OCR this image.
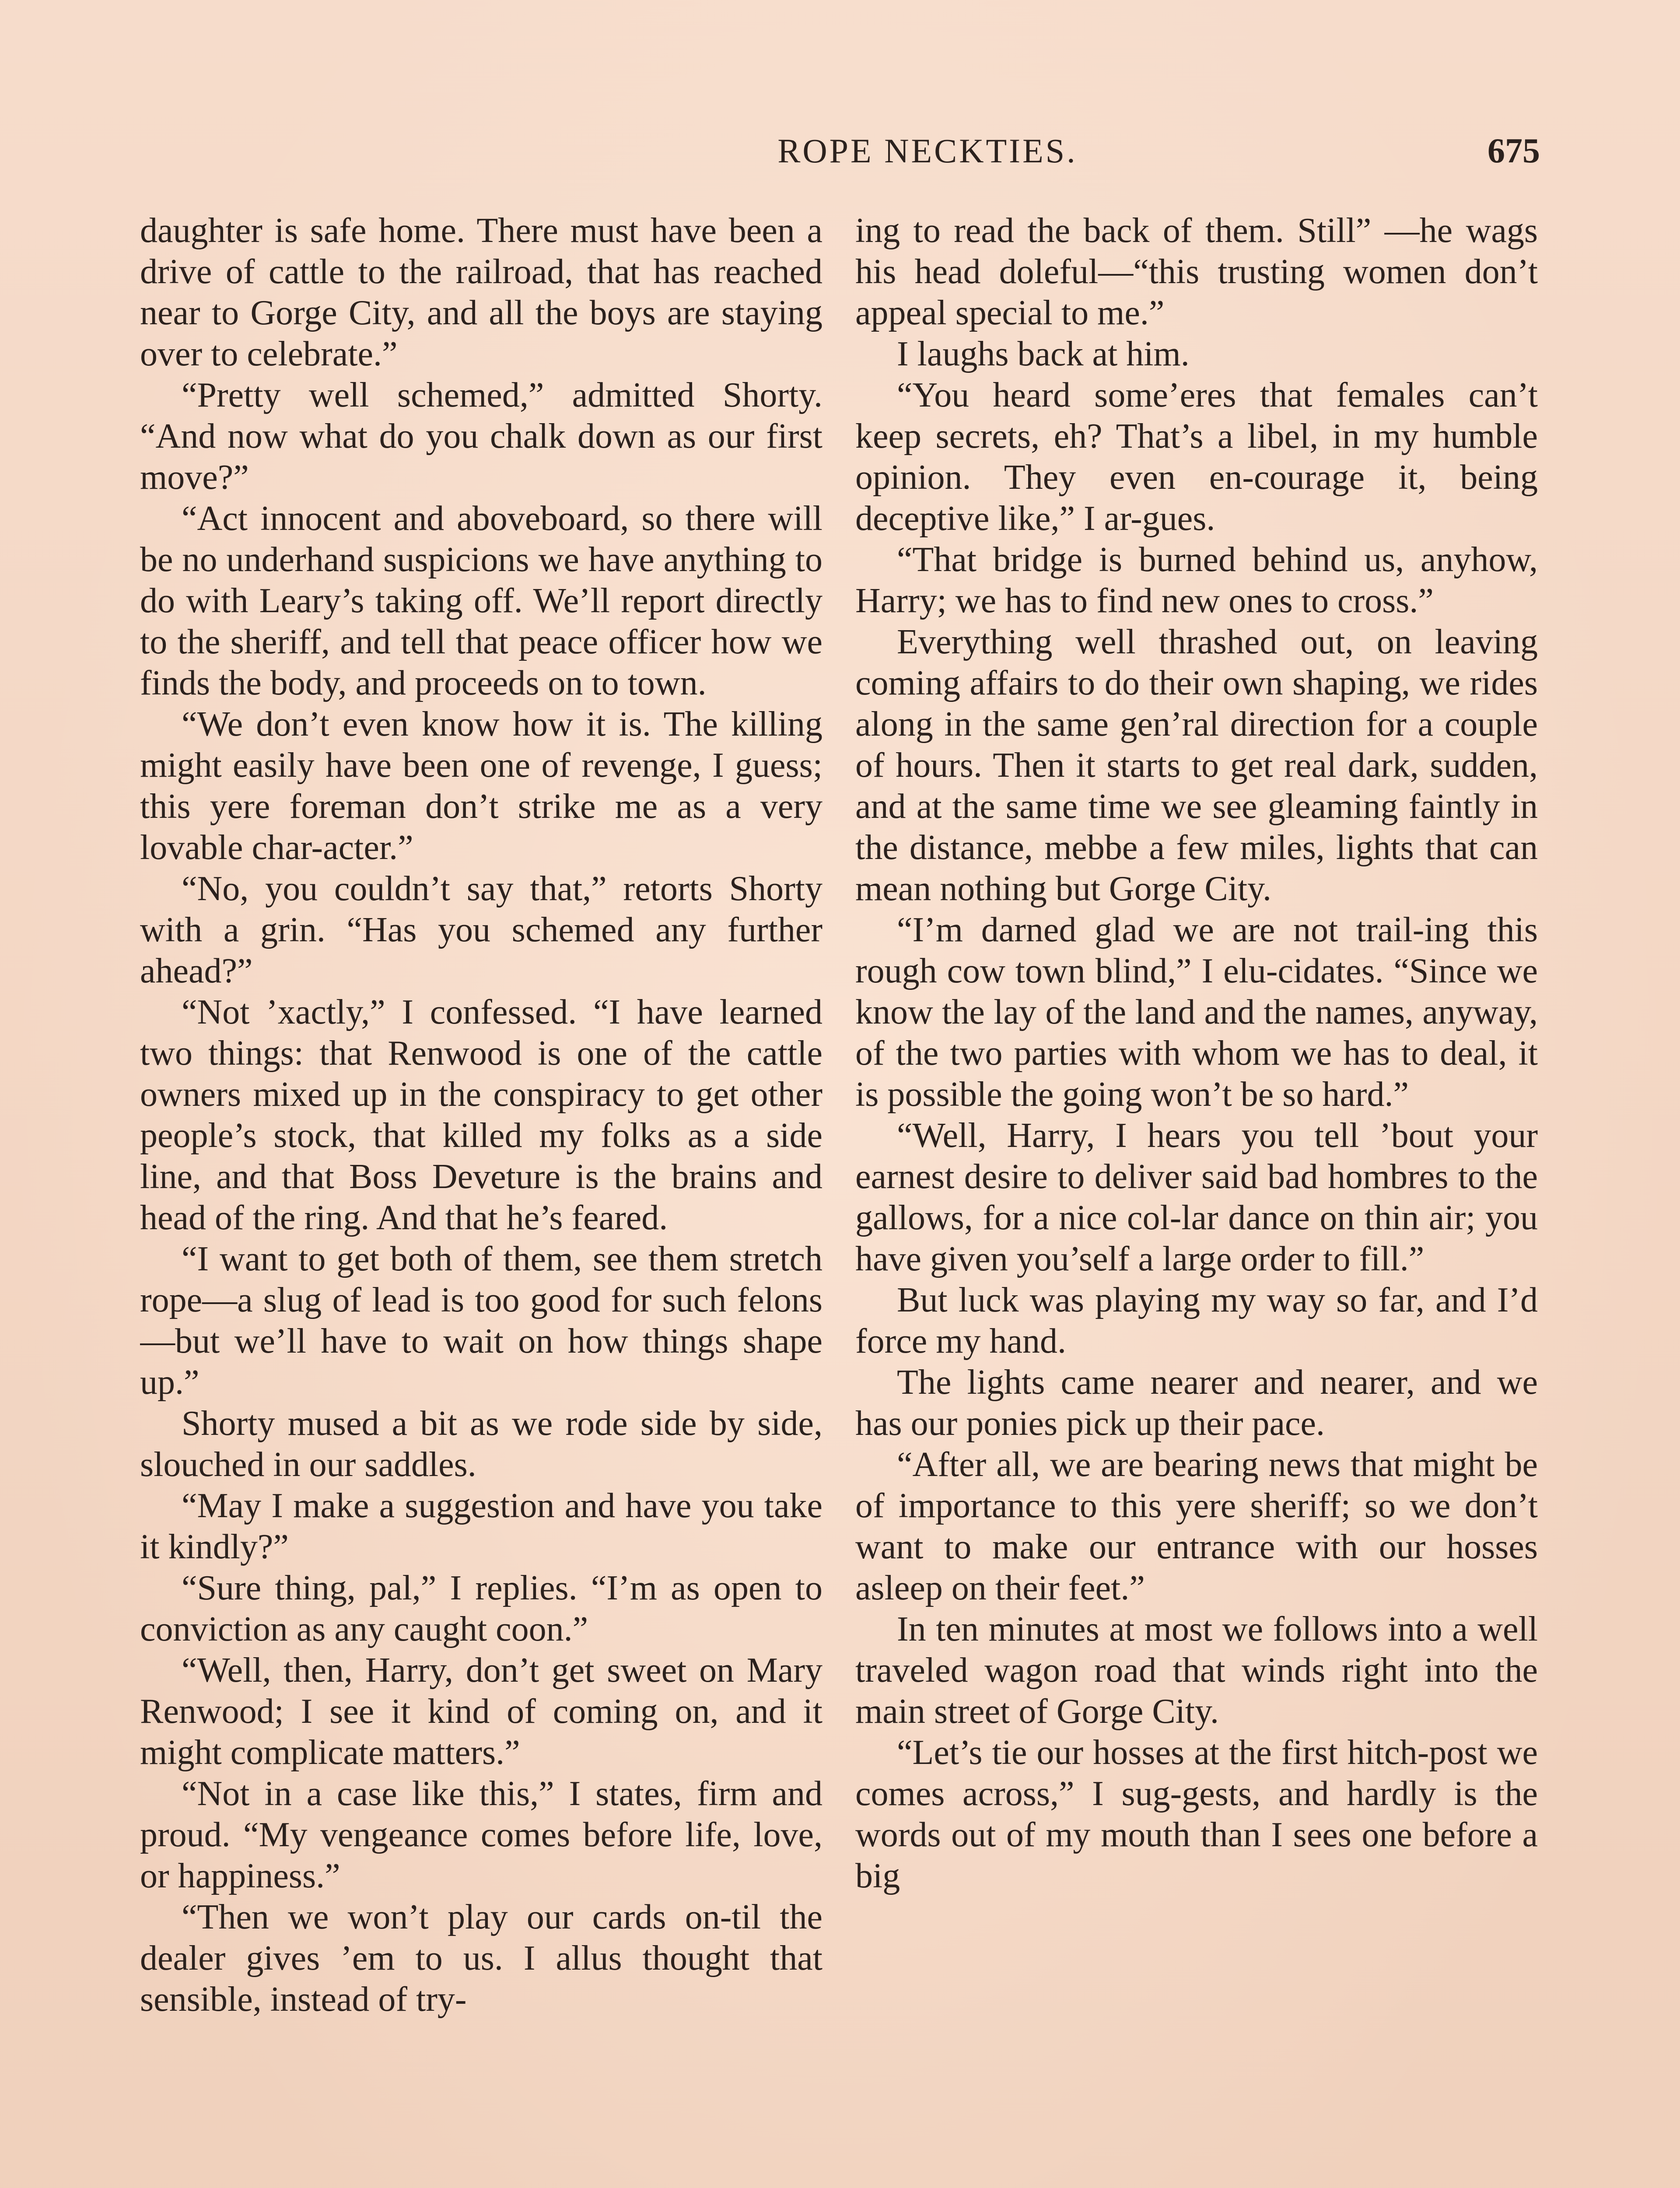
ROPE NECKTIES.	675

daughter is safe home. There must have been a drive of cattle to the railroad, that has reached near to Gorge City, and all the boys are staying over to celebrate.”

“Pretty well schemed,” admitted Shorty. “And now what do you chalk down as our first move?”

“Act innocent and aboveboard, so there will be no underhand suspicions we have anything to do with Leary’s taking off. We’ll report directly to the sheriff, and tell that peace officer how we finds the body, and proceeds on to town.

“We don’t even know how it is. The killing might easily have been one of revenge, I guess; this yere foreman don’t strike me as a very lovable char-acter.”

“No, you couldn’t say that,” retorts Shorty with a grin. “Has you schemed any further ahead?”

“Not ’xactly,” I confessed. “I have learned two things: that Renwood is one of the cattle owners mixed up in the conspiracy to get other people’s stock, that killed my folks as a side line, and that Boss Deveture is the brains and head of the ring. And that he’s feared.

“I want to get both of them, see them stretch rope—a slug of lead is too good for such felons—but we’ll have to wait on how things shape up.”

Shorty mused a bit as we rode side by side, slouched in our saddles.

“May I make a suggestion and have you take it kindly?”

“Sure thing, pal,” I replies. “I’m as open to conviction as any caught coon.”

“Well, then, Harry, don’t get sweet on Mary Renwood; I see it kind of coming on, and it might complicate matters.”

“Not in a case like this,” I states, firm and proud. “My vengeance comes before life, love, or happiness.”

“Then we won’t play our cards on-til the dealer gives ’em to us. I allus thought that sensible, instead of try-

ing to read the back of them. Still” —he wags his head doleful—“this trusting women don’t appeal special to me.”

I laughs back at him.

“You heard some’eres that females can’t keep secrets, eh? That’s a libel, in my humble opinion. They even en-courage it, being deceptive like,” I ar-gues.

“That bridge is burned behind us, anyhow, Harry; we has to find new ones to cross.”

Everything well thrashed out, on leaving coming affairs to do their own shaping, we rides along in the same gen’ral direction for a couple of hours. Then it starts to get real dark, sudden, and at the same time we see gleaming faintly in the distance, mebbe a few miles, lights that can mean nothing but Gorge City.

“I’m darned glad we are not trail-ing this rough cow town blind,” I elu-cidates. “Since we know the lay of the land and the names, anyway, of the two parties with whom we has to deal, it is possible the going won’t be so hard.”

“Well, Harry, I hears you tell ’bout your earnest desire to deliver said bad hombres to the gallows, for a nice col-lar dance on thin air; you have given you’self a large order to fill.”

But luck was playing my way so far, and I’d force my hand.

The lights came nearer and nearer, and we has our ponies pick up their pace.

“After all, we are bearing news that might be of importance to this yere sheriff; so we don’t want to make our entrance with our hosses asleep on their feet.”

In ten minutes at most we follows into a well traveled wagon road that winds right into the main street of Gorge City.

“Let’s tie our hosses at the first hitch-post we comes across,” I sug-gests, and hardly is the words out of my mouth than I sees one before a big
